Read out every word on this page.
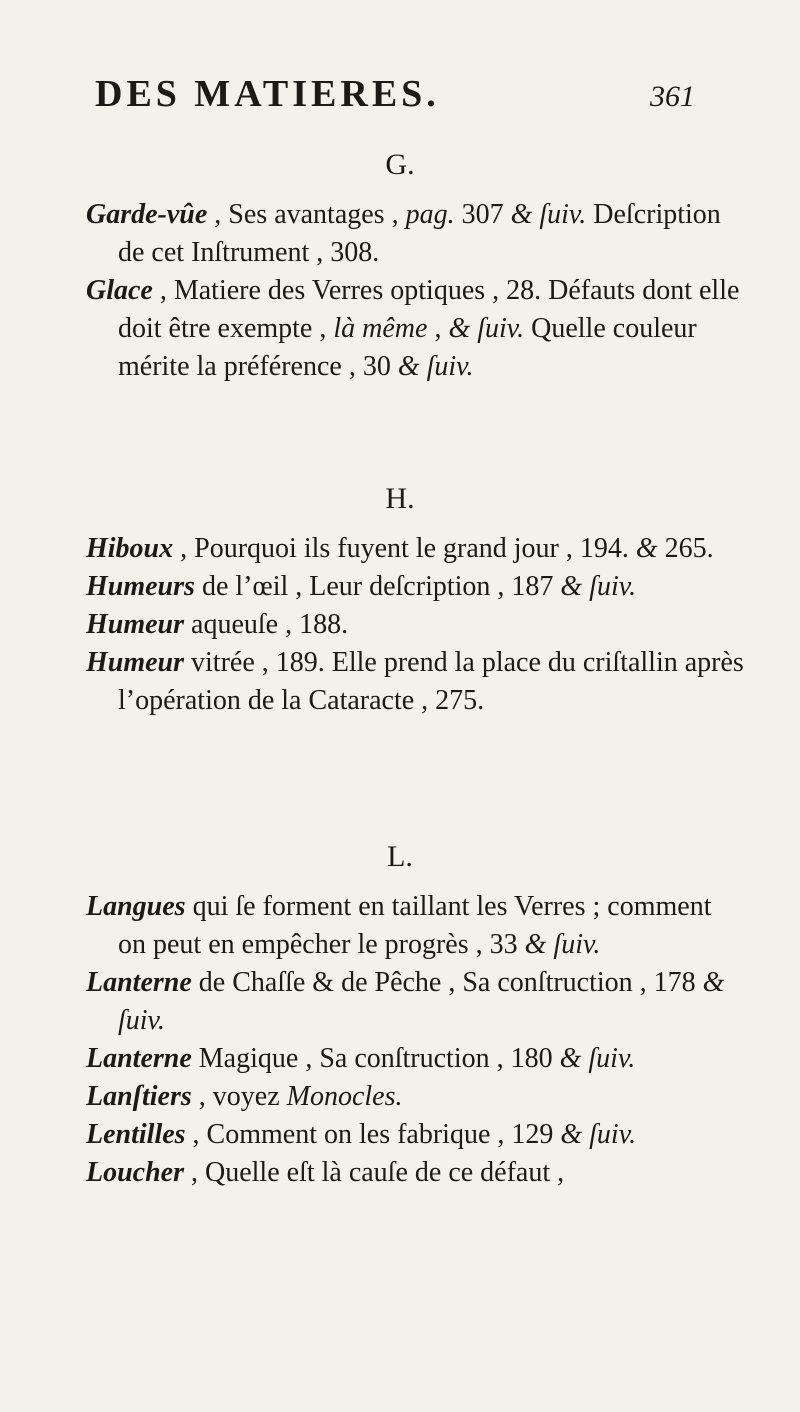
DES MATIERES.	361
G.

Garde-vûe , Ses avantages , pag. 307 & ſuiv. Deſcription de cet Inſtrument , 308.

Glace , Matiere des Verres optiques , 28. Défauts dont elle doit être exempte , là même , & ſuiv. Quelle couleur mérite la préférence , 30 & ſuiv.

H.

Hiboux , Pourquoi ils fuyent le grand jour , 194. & 265.

Humeurs de l’œil , Leur deſcription , 187 & ſuiv.

Humeur aqueuſe , 188.

Humeur vitrée , 189. Elle prend la place du criſtallin après l’opération de la Cataracte , 275.

L.

Langues qui ſe forment en taillant les Verres ; comment on peut en empêcher le progrès , 33 & ſuiv.

Lanterne de Chaſſe & de Pêche , Sa conſtruction , 178 & ſuiv.

Lanterne Magique , Sa conſtruction , 180 & ſuiv.

Lanſtiers , voyez Monocles.

Lentilles , Comment on les fabrique , 129 & ſuiv.

Loucher , Quelle eſt là cauſe de ce défaut ,
